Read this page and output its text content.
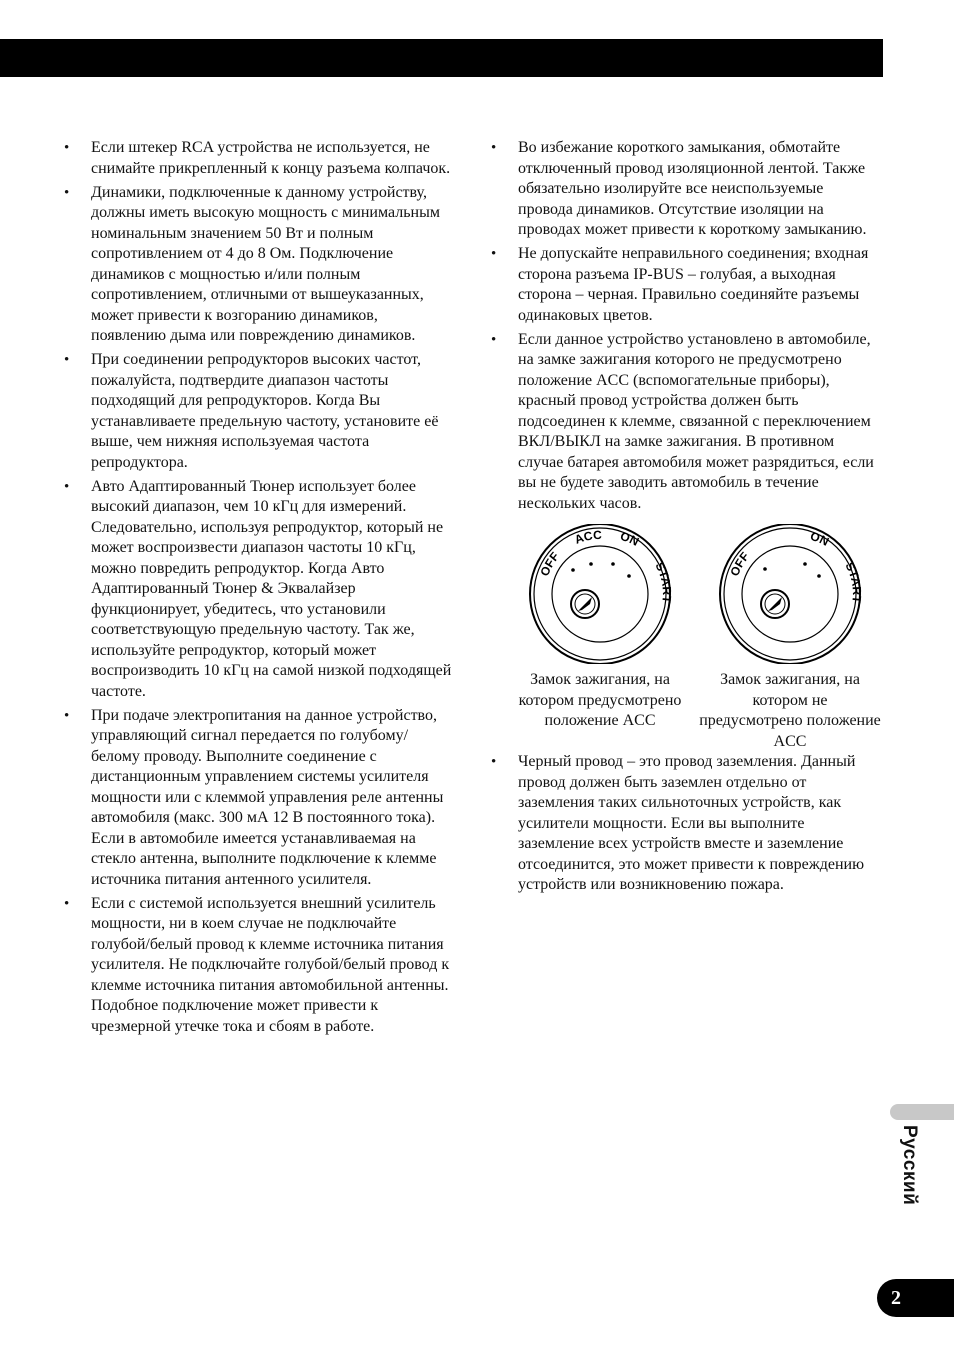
• Если штекер RCA устройства не используется, не снимайте прикрепленный к концу разъема колпачок.
• Динамики, подключенные к данному устройству, должны иметь высокую мощность с минимальным номинальным значением 50 Вт и полным сопротивлением от 4 до 8 Ом. Подключение динамиков с мощностью и/или полным сопротивлением, отличными от вышеуказанных, может привести к возгоранию динамиков, появлению дыма или повреждению динамиков.
• При соединении репродукторов высоких частот, пожалуйста, подтвердите диапазон частоты подходящий для репродукторов. Когда Вы устанавливаете предельную частоту, установите её выше, чем нижняя используемая частота репродуктора.
• Авто Адаптированный Тюнер использует более высокий диапазон, чем 10 кГц для измерений. Следовательно, используя репродуктор, который не может воспроизвести диапазон частоты 10 кГц, можно повредить репродуктор. Когда Авто Адаптированный Тюнер & Эквалайзер функционирует, убедитесь, что установили соответствующую предельную частоту. Так же, используйте репродуктор, который может воспроизводить 10 кГц на самой низкой подходящей частоте.
• При подаче электропитания на данное устройство, управляющий сигнал передается по голубому/белому проводу. Выполните соединение с дистанционным управлением системы усилителя мощности или с клеммой управления реле антенны автомобиля (макс. 300 мА 12 В постоянного тока). Если в автомобиле имеется устанавливаемая на стекло антенна, выполните подключение к клемме источника питания антенного усилителя.
• Если с системой используется внешний усилитель мощности, ни в коем случае не подключайте голубой/белый провод к клемме источника питания усилителя. Не подключайте голубой/белый провод к клемме источника питания автомобильной антенны. Подобное подключение может привести к чрезмерной утечке тока и сбоям в работе.
• Во избежание короткого замыкания, обмотайте отключенный провод изоляционной лентой. Также обязательно изолируйте все неиспользуемые провода динамиков. Отсутствие изоляции на проводах может привести к короткому замыканию.
• Не допускайте неправильного соединения; входная сторона разъема IP-BUS – голубая, а выходная сторона – черная. Правильно соединяйте разъемы одинаковых цветов.
• Если данное устройство установлено в автомобиле, на замке зажигания которого не предусмотрено положение ACC (вспомогательные приборы), красный провод устройства должен быть подсоединен к клемме, связанной с переключением ВКЛ/ВЫКЛ на замке зажигания. В противном случае батарея автомобиля может разрядиться, если вы не будете заводить автомобиль в течение нескольких часов.
OFF
ACC ON
START
Замок зажигания, на котором предусмотрено положение ACC
OFF
ON
START
Замок зажигания, на котором не предусмотрено положение ACC
• Черный провод – это провод заземления. Данный провод должен быть заземлен отдельно от заземления таких сильноточных устройств, как усилители мощности. Если вы выполните заземление всех устройств вместе и заземление отсоединится, это может привести к повреждению устройств или возникновению пожара.
Русский
2
